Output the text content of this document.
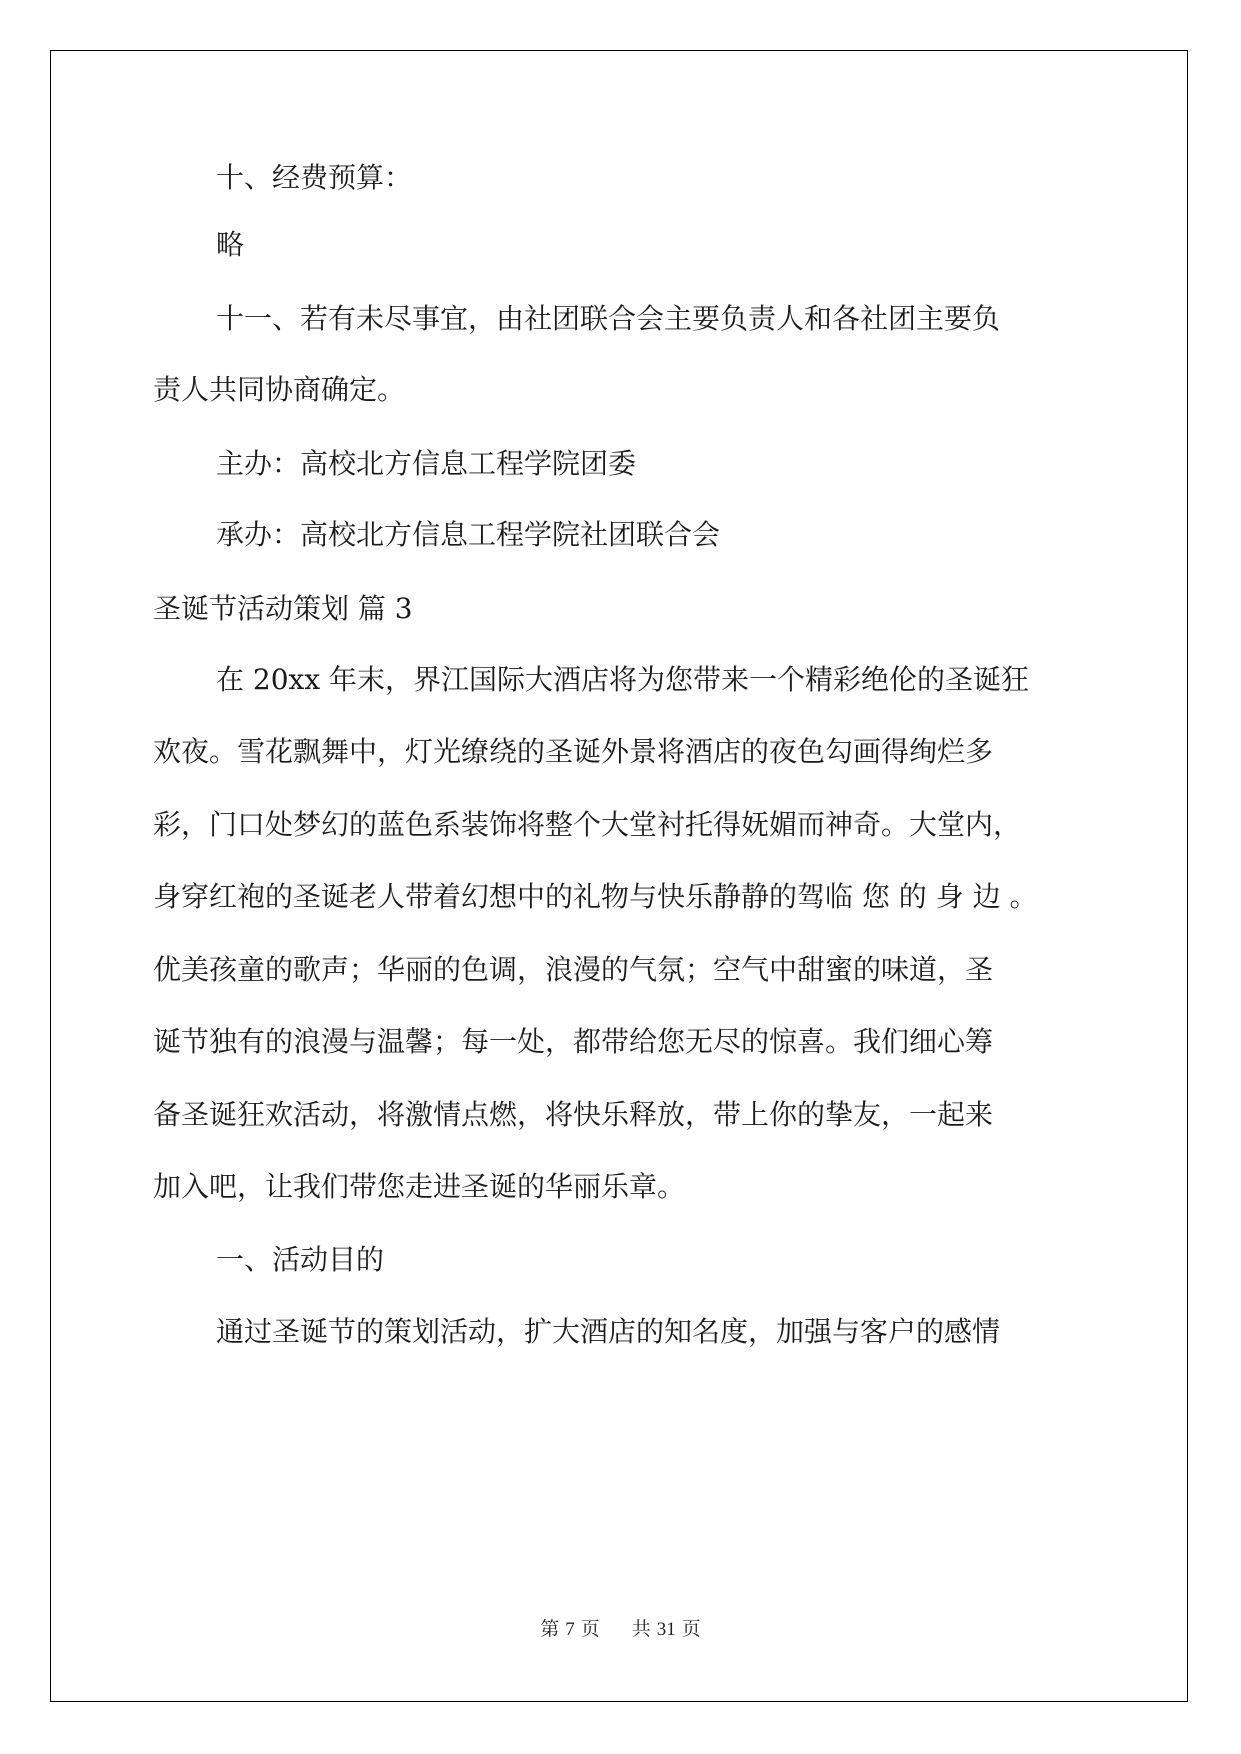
十、经费预算：

略

十一、若有未尽事宜，由社团联合会主要负责人和各社团主要负

责人共同协商确定。

主办：高校北方信息工程学院团委

承办：高校北方信息工程学院社团联合会

圣诞节活动策划 篇 3

在 20xx 年末，界江国际大酒店将为您带来一个精彩绝伦的圣诞狂

欢夜。雪花飘舞中，灯光缭绕的圣诞外景将酒店的夜色勾画得绚烂多

彩，门口处梦幻的蓝色系装饰将整个大堂衬托得妩媚而神奇。大堂内，

身穿红袍的圣诞老人带着幻想中的礼物与快乐静静的驾临 您 的 身 边 。

优美孩童的歌声；华丽的色调，浪漫的气氛；空气中甜蜜的味道，圣

诞节独有的浪漫与温馨；每一处，都带给您无尽的惊喜。我们细心筹

备圣诞狂欢活动，将激情点燃，将快乐释放，带上你的挚友，一起来

加入吧，让我们带您走进圣诞的华丽乐章。

一、活动目的

通过圣诞节的策划活动，扩大酒店的知名度，加强与客户的感情

第 7 页 共 31 页
